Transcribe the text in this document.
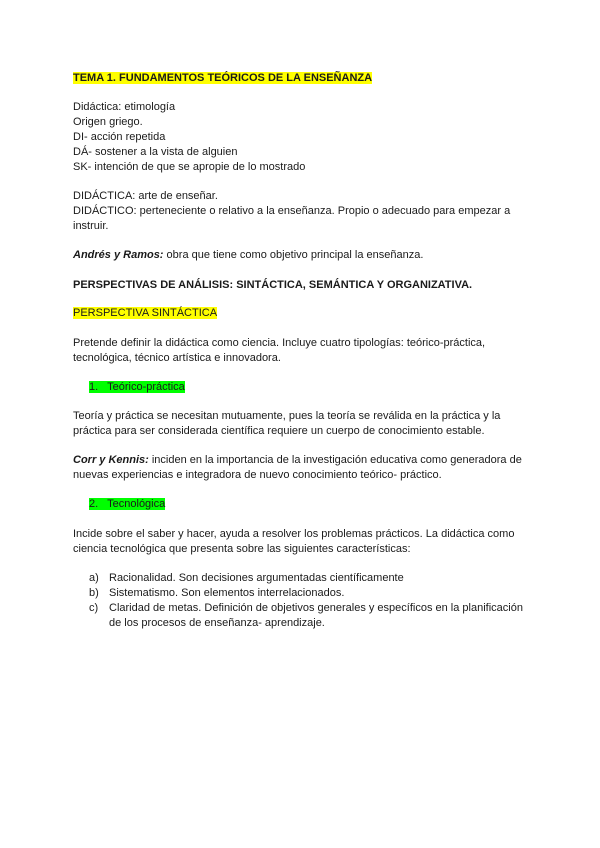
TEMA 1. FUNDAMENTOS TEÓRICOS DE LA ENSEÑANZA
Didáctica: etimología
Origen griego.
DI- acción repetida
DÁ- sostener a la vista de alguien
SK- intención de que se apropie de lo mostrado
DIDÁCTICA: arte de enseñar.
DIDÁCTICO: perteneciente o relativo a la enseñanza. Propio o adecuado para empezar a
instruir.
Andrés y Ramos: obra que tiene como objetivo principal la enseñanza.
PERSPECTIVAS DE ANÁLISIS: SINTÁCTICA, SEMÁNTICA Y ORGANIZATIVA.
PERSPECTIVA SINTÁCTICA
Pretende definir la didáctica como ciencia. Incluye cuatro tipologías: teórico-práctica,
tecnológica, técnico artística e innovadora.
1.   Teórico-práctica
Teoría y práctica se necesitan mutuamente, pues la teoría se reválida en la práctica y la
práctica para ser considerada científica requiere un cuerpo de conocimiento estable.
Corr y Kennis: inciden en la importancia de la investigación educativa como generadora de
nuevas experiencias e integradora de nuevo conocimiento teórico- práctico.
2.   Tecnológica
Incide sobre el saber y hacer, ayuda a resolver los problemas prácticos. La didáctica como
ciencia tecnológica que presenta sobre las siguientes características:
a) Racionalidad. Son decisiones argumentadas científicamente
b) Sistematismo. Son elementos interrelacionados.
c) Claridad de metas. Definición de objetivos generales y específicos en la planificación
de los procesos de enseñanza- aprendizaje.
